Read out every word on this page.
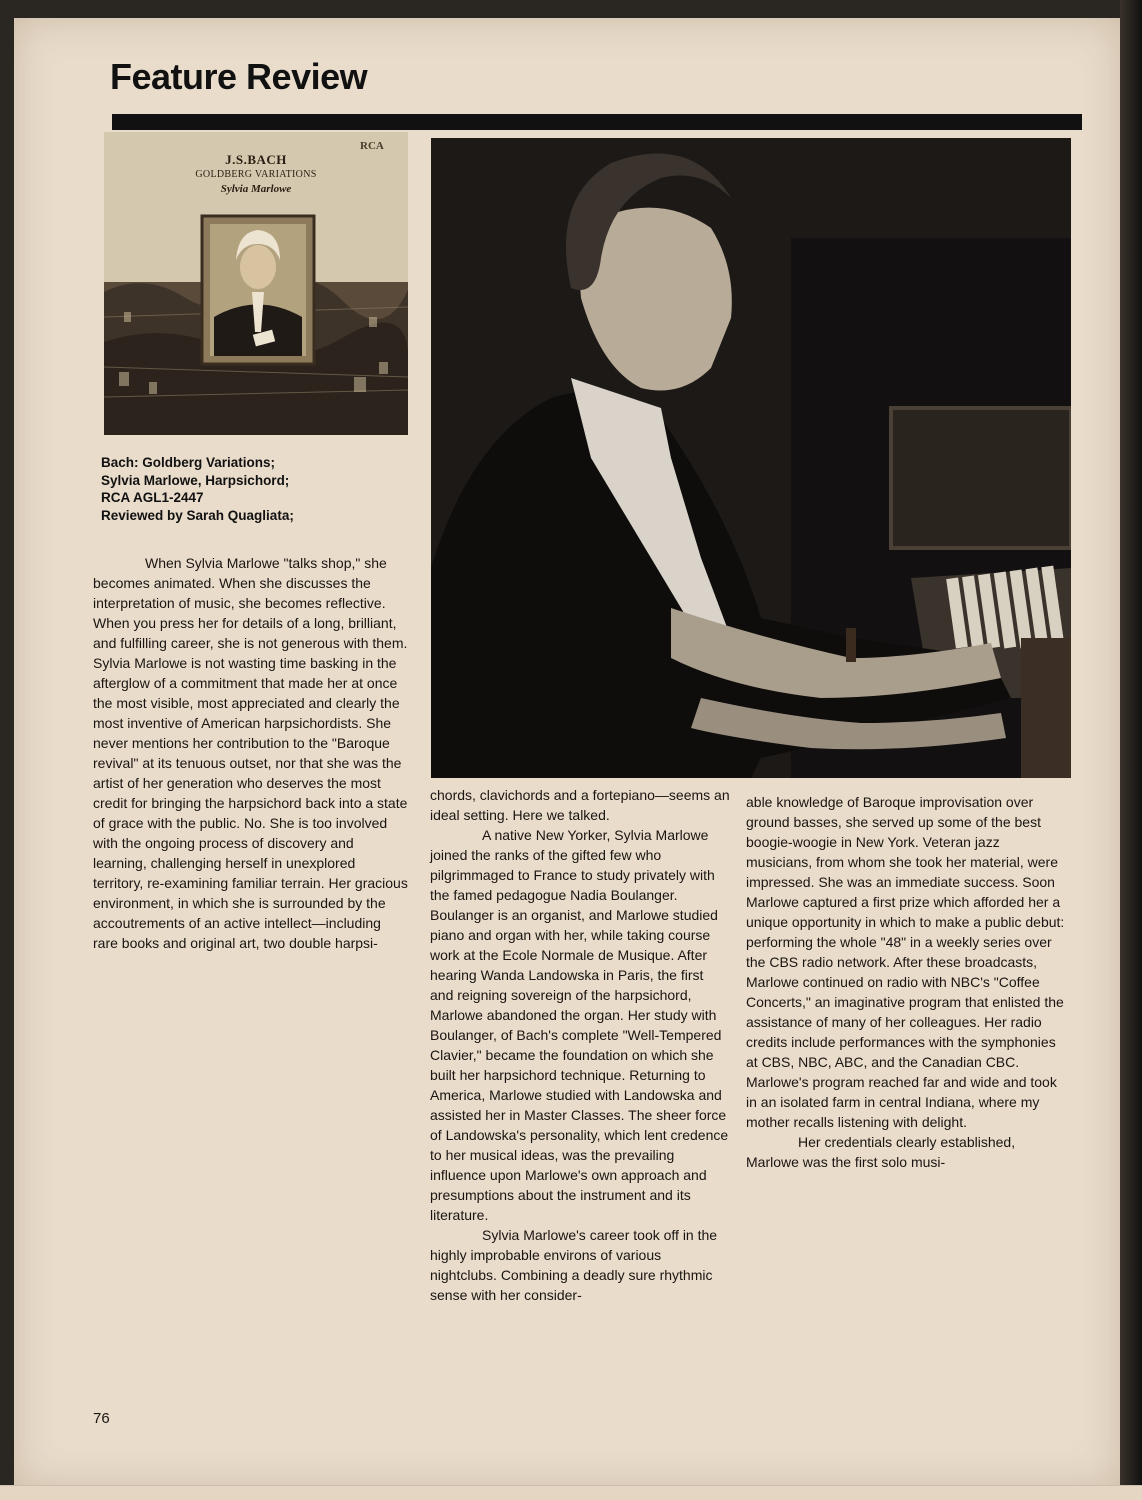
Feature Review
J.S.BACH
GOLDBERG VARIATIONS
Sylvia Marlowe
RCA
Bach: Goldberg Variations;
Sylvia Marlowe, Harpsichord;
RCA AGL1-2447
Reviewed by Sarah Quagliata;

When Sylvia Marlowe "talks shop," she becomes animated. When she discusses the interpretation of music, she becomes reflective. When you press her for details of a long, brilliant, and fulfilling career, she is not generous with them. Sylvia Marlowe is not wasting time basking in the afterglow of a commitment that made her at once the most visible, most appreciated and clearly the most inventive of American harpsichordists. She never mentions her contribution to the "Baroque revival" at its tenuous outset, nor that she was the artist of her generation who deserves the most credit for bringing the harpsichord back into a state of grace with the public. No. She is too involved with the ongoing process of discovery and learning, challenging herself in unexplored territory, re-examining familiar terrain. Her gracious environment, in which she is surrounded by the accoutrements of an active intellect—including rare books and original art, two double harpsi-

chords, clavichords and a fortepiano—seems an ideal setting. Here we talked.

A native New Yorker, Sylvia Marlowe joined the ranks of the gifted few who pilgrimmaged to France to study privately with the famed pedagogue Nadia Boulanger. Boulanger is an organist, and Marlowe studied piano and organ with her, while taking course work at the Ecole Normale de Musique. After hearing Wanda Landowska in Paris, the first and reigning sovereign of the harpsichord, Marlowe abandoned the organ. Her study with Boulanger, of Bach's complete "Well-Tempered Clavier," became the foundation on which she built her harpsichord technique. Returning to America, Marlowe studied with Landowska and assisted her in Master Classes. The sheer force of Landowska's personality, which lent credence to her musical ideas, was the prevailing influence upon Marlowe's own approach and presumptions about the instrument and its literature.

Sylvia Marlowe's career took off in the highly improbable environs of various nightclubs. Combining a deadly sure rhythmic sense with her consider-

able knowledge of Baroque improvisation over ground basses, she served up some of the best boogie-woogie in New York. Veteran jazz musicians, from whom she took her material, were impressed. She was an immediate success. Soon Marlowe captured a first prize which afforded her a unique opportunity in which to make a public debut: performing the whole "48" in a weekly series over the CBS radio network. After these broadcasts, Marlowe continued on radio with NBC's "Coffee Concerts," an imaginative program that enlisted the assistance of many of her colleagues. Her radio credits include performances with the symphonies at CBS, NBC, ABC, and the Canadian CBC. Marlowe's program reached far and wide and took in an isolated farm in central Indiana, where my mother recalls listening with delight.

Her credentials clearly established, Marlowe was the first solo musi-

76
